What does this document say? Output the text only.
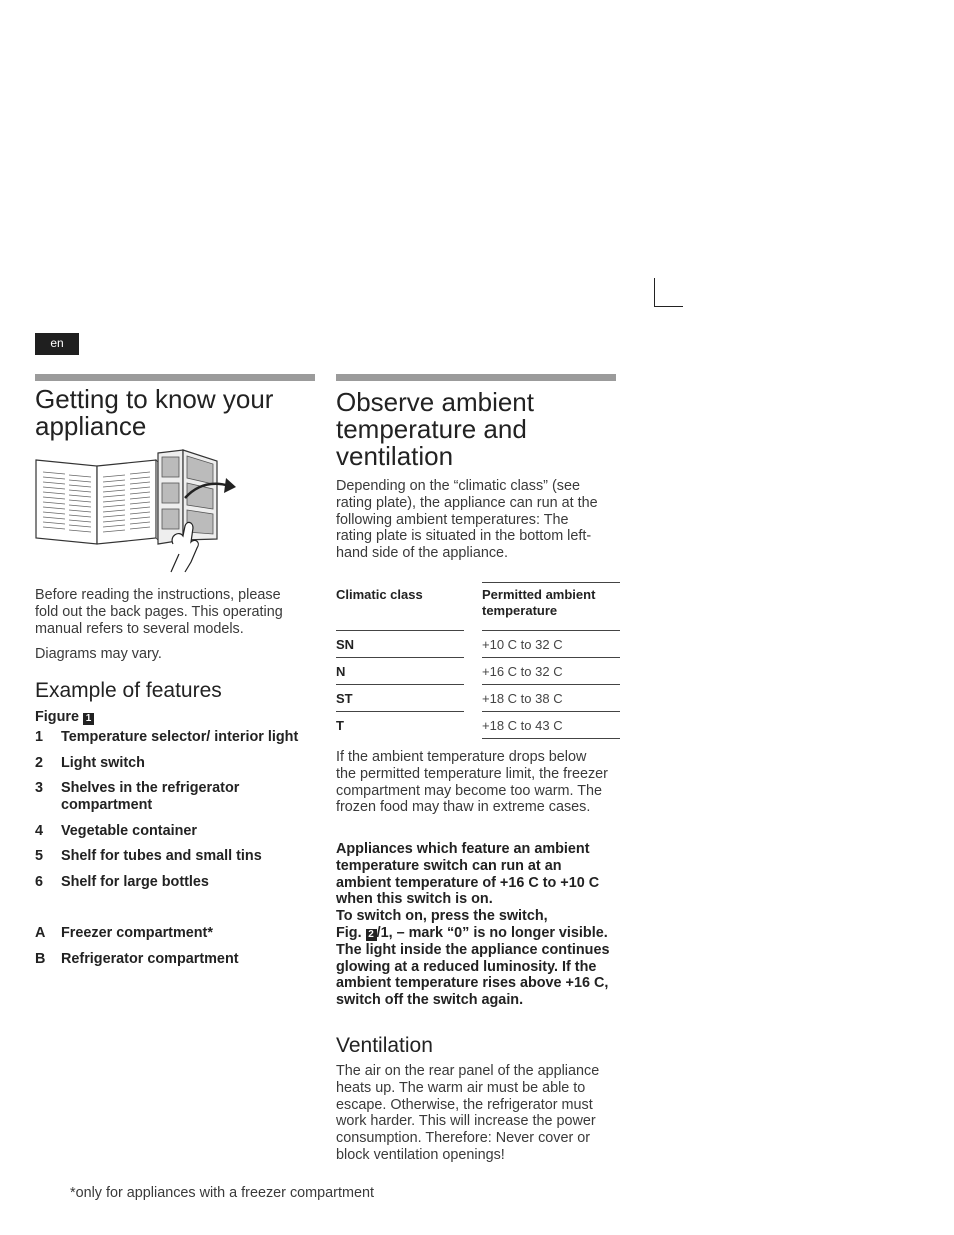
en
Getting to know your appliance
Before reading the instructions, please fold out the back pages. This operating manual refers to several models.
Diagrams may vary.
Example of features
Figure 1
1	Temperature selector/ interior light
2	Light switch
3	Shelves in the refrigerator compartment
4	Vegetable container
5	Shelf for tubes and small tins
6	Shelf for large bottles
A	Freezer compartment*
B	Refrigerator compartment
Observe ambient temperature and ventilation
Depending on the “climatic class” (see rating plate), the appliance can run at the following ambient temperatures: The rating plate is situated in the bottom left-hand side of the appliance.
Climatic class		Permitted ambient temperature
SN		+10 C to 32 C
N		+16 C to 32 C
ST		+18 C to 38 C
T		+18 C to 43 C
If the ambient temperature drops below the permitted temperature limit, the freezer compartment may become too warm. The frozen food may thaw in extreme cases.
Appliances which feature an ambient temperature switch can run at an ambient temperature of +16 C to +10 C when this switch is on.
To switch on, press the switch,
Fig. 2 /1, – mark “0” is no longer visible. The light inside the appliance continues glowing at a reduced luminosity. If the ambient temperature rises above +16 C, switch off the switch again.
Ventilation
The air on the rear panel of the appliance heats up. The warm air must be able to escape. Otherwise, the refrigerator must work harder. This will increase the power consumption. Therefore: Never cover or block ventilation openings!
*only for appliances with a freezer compartment
